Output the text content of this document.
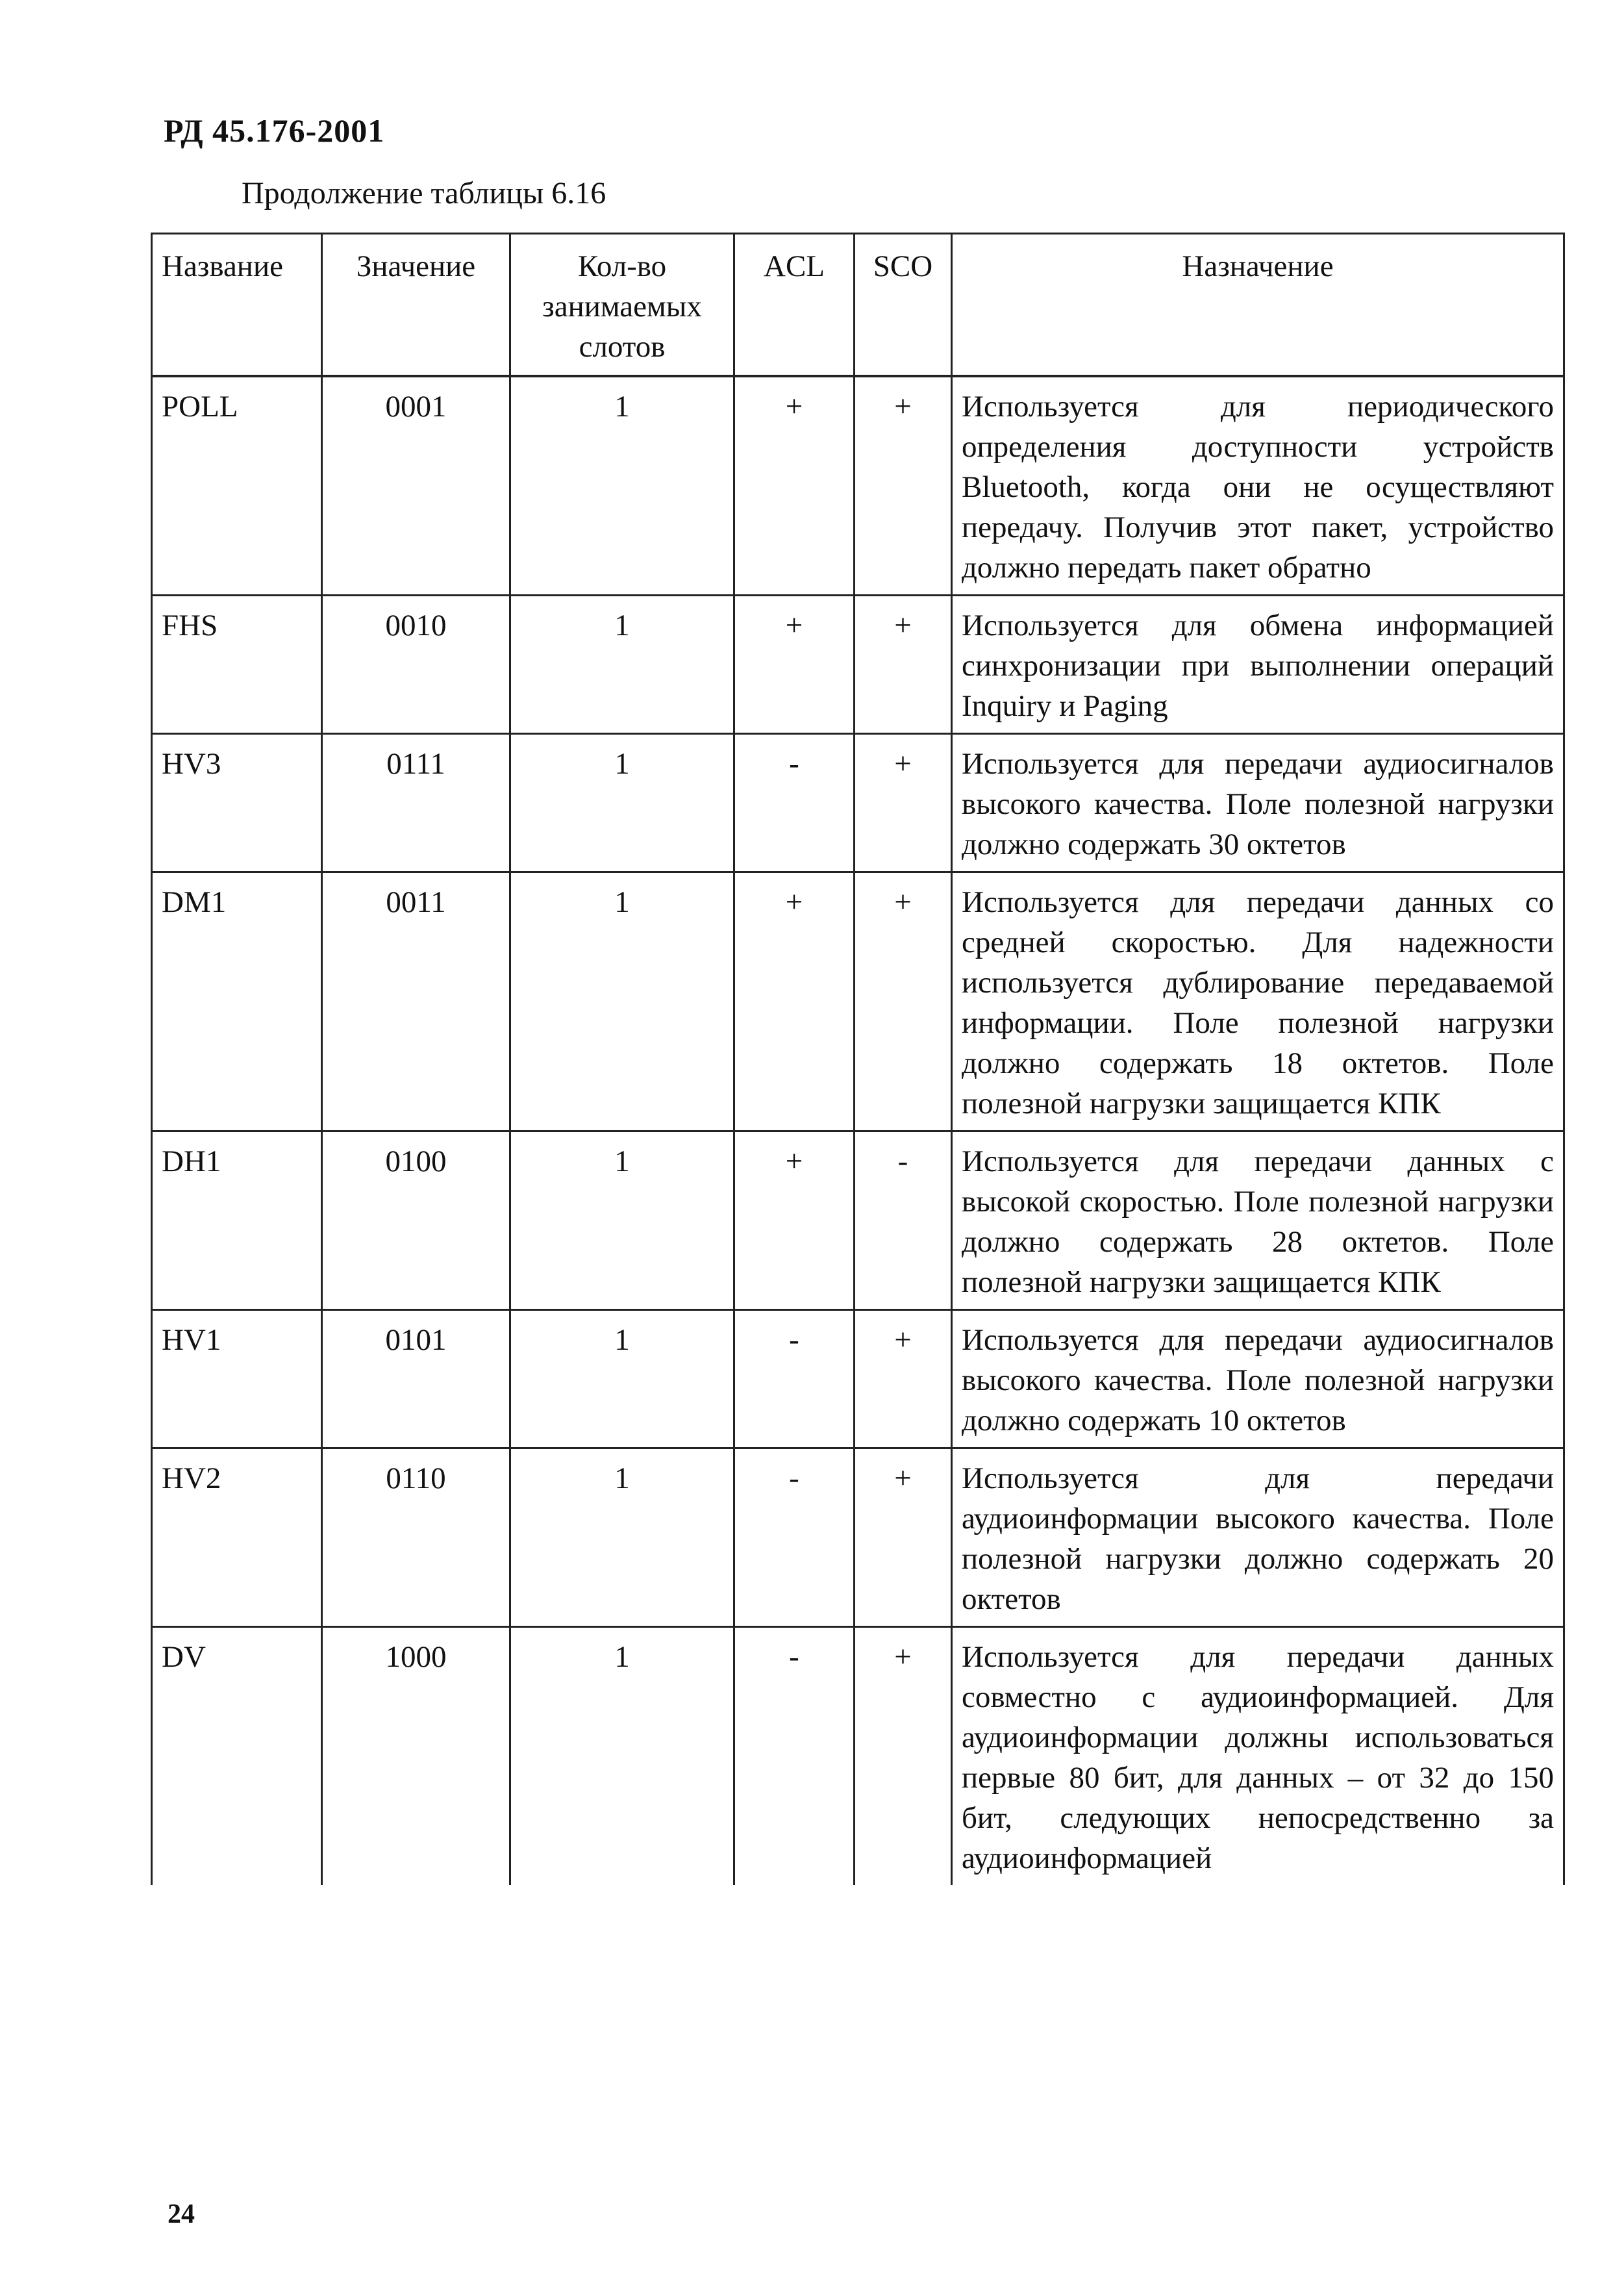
РД 45.176-2001
Продолжение таблицы 6.16
Название	Значение	Кол-во занимаемых слотов	ACL	SCO	Назначение
POLL	0001	1	+	+	Используется для периодического определения доступности устройств Bluetooth, когда они не осуществляют передачу. Получив этот пакет, устройство должно передать пакет обратно
FHS	0010	1	+	+	Используется для обмена информацией синхронизации при выполнении операций Inquiry и Paging
HV3	0111	1	-	+	Используется для передачи аудиосигналов высокого качества. Поле полезной нагрузки должно содержать 30 октетов
DM1	0011	1	+	+	Используется для передачи данных со средней скоростью. Для надежности используется дублирование передаваемой информации. Поле полезной нагрузки должно содержать 18 октетов. Поле полезной нагрузки защищается КПК
DH1	0100	1	+	-	Используется для передачи данных с высокой скоростью. Поле полезной нагрузки должно содержать 28 октетов. Поле полезной нагрузки защищается КПК
HV1	0101	1	-	+	Используется для передачи аудиосигналов высокого качества. Поле полезной нагрузки должно содержать 10 октетов
HV2	0110	1	-	+	Используется для передачи аудиоинформации высокого качества. Поле полезной нагрузки должно содержать 20 октетов
DV	1000	1	-	+	Используется для передачи данных совместно с аудиоинформацией. Для аудиоинформации должны использоваться первые 80 бит, для данных – от 32 до 150 бит, следующих непосредственно за аудиоинформацией
24
